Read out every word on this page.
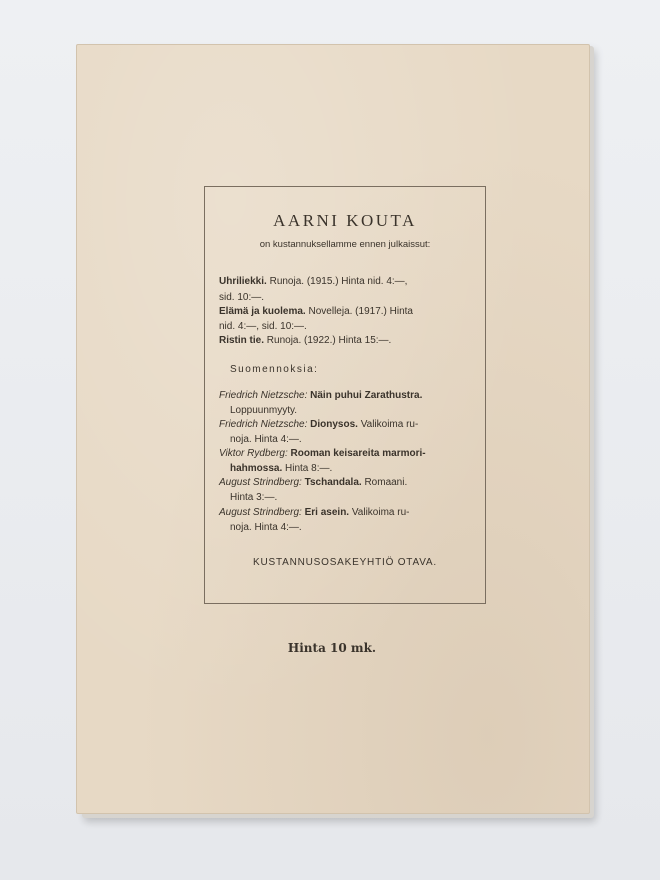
AARNI KOUTA
on kustannuksellamme ennen julkaissut:
Uhriliekki. Runoja. (1915.) Hinta nid. 4:—,
sid. 10:—.
Elämä ja kuolema. Novelleja. (1917.) Hinta
nid. 4:—, sid. 10:—.
Ristin tie. Runoja. (1922.) Hinta 15:—.
Suomennoksia:
Friedrich Nietzsche: Näin puhui Zarathustra.
Loppuunmyyty.
Friedrich Nietzsche: Dionysos. Valikoima ru-
noja. Hinta 4:—.
Viktor Rydberg: Rooman keisareita marmori-
hahmossa. Hinta 8:—.
August Strindberg: Tschandala. Romaani.
Hinta 3:—.
August Strindberg: Eri asein. Valikoima ru-
noja. Hinta 4:—.
KUSTANNUSOSAKEYHTIÖ OTAVA.
Hinta 10 mk.
